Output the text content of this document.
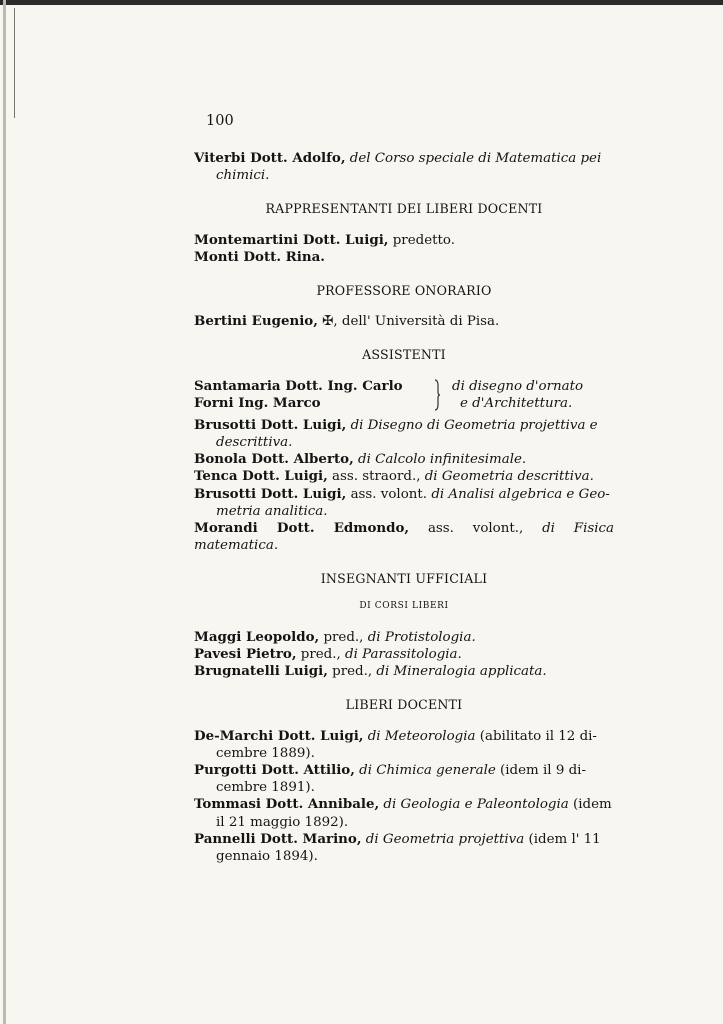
100

Viterbi Dott. Adolfo, del Corso speciale di Matematica pei
chimici.

RAPPRESENTANTI DEI LIBERI DOCENTI

Montemartini Dott. Luigi, predetto.

Monti Dott. Rina.

PROFESSORE ONORARIO

Bertini Eugenio, ✠, dell' Università di Pisa.

ASSISTENTI
Santamaria Dott. Ing. Carlo
Forni Ing. Marco
di disegno d'ornato
e d'Architettura.

Brusotti Dott. Luigi, di Disegno di Geometria projettiva e
descrittiva.

Bonola Dott. Alberto, di Calcolo infinitesimale.

Tenca Dott. Luigi, ass. straord., di Geometria descrittiva.

Brusotti Dott. Luigi, ass. volont. di Analisi algebrica e Geo-
metria analitica.

Morandi Dott. Edmondo, ass. volont., di Fisica matematica.

INSEGNANTI UFFICIALI
DI CORSI LIBERI

Maggi Leopoldo, pred., di Protistologia.

Pavesi Pietro, pred., di Parassitologia.

Brugnatelli Luigi, pred., di Mineralogia applicata.

LIBERI DOCENTI

De-Marchi Dott. Luigi, di Meteorologia (abilitato il 12 di-
cembre 1889).

Purgotti Dott. Attilio, di Chimica generale (idem il 9 di-
cembre 1891).

Tommasi Dott. Annibale, di Geologia e Paleontologia (idem
il 21 maggio 1892).

Pannelli Dott. Marino, di Geometria projettiva (idem l' 11
gennaio 1894).
